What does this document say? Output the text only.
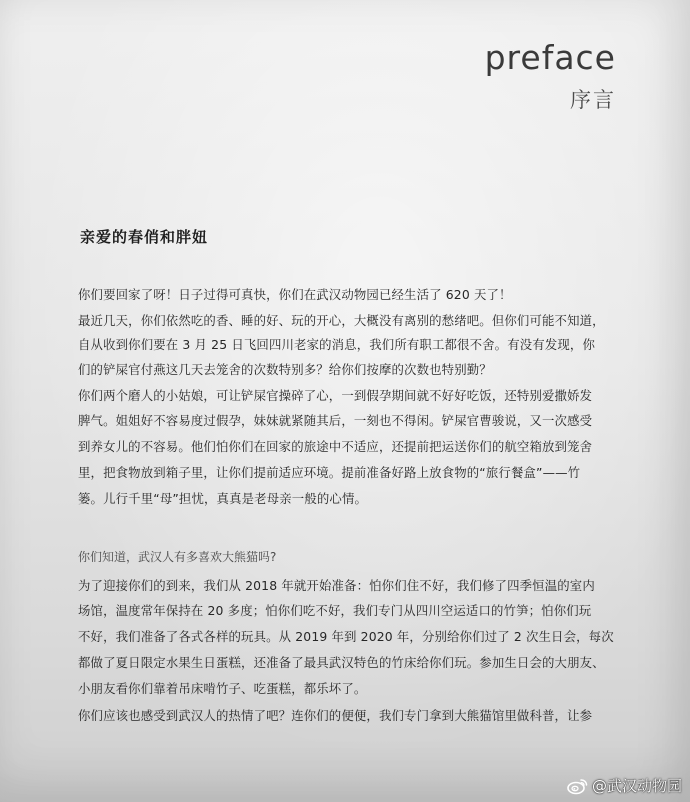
preface
序言
亲爱的春俏和胖妞
你们要回家了呀！日子过得可真快，你们在武汉动物园已经生活了 620 天了！
最近几天，你们依然吃的香、睡的好、玩的开心，大概没有离别的愁绪吧。但你们可能不知道，
自从收到你们要在 3 月 25 日飞回四川老家的消息，我们所有职工都很不舍。有没有发现，你
们的铲屎官付燕这几天去笼舍的次数特别多？给你们按摩的次数也特别勤？
你们两个磨人的小姑娘，可让铲屎官操碎了心，一到假孕期间就不好好吃饭，还特别爱撒娇发
脾气。姐姐好不容易度过假孕，妹妹就紧随其后，一刻也不得闲。铲屎官曹骏说，又一次感受
到养女儿的不容易。他们怕你们在回家的旅途中不适应，还提前把运送你们的航空箱放到笼舍
里，把食物放到箱子里，让你们提前适应环境。提前准备好路上放食物的“旅行餐盒”——竹
篓。儿行千里“母”担忧，真真是老母亲一般的心情。
你们知道，武汉人有多喜欢大熊猫吗?
为了迎接你们的到来，我们从 2018 年就开始准备：怕你们住不好，我们修了四季恒温的室内
场馆，温度常年保持在 20 多度；怕你们吃不好，我们专门从四川空运适口的竹笋；怕你们玩
不好，我们准备了各式各样的玩具。从 2019 年到 2020 年，分别给你们过了 2 次生日会，每次
都做了夏日限定水果生日蛋糕，还准备了最具武汉特色的竹床给你们玩。参加生日会的大朋友、
小朋友看你们靠着吊床啃竹子、吃蛋糕，都乐坏了。
你们应该也感受到武汉人的热情了吧？连你们的便便，我们专门拿到大熊猫馆里做科普，让参
@武汉动物园
